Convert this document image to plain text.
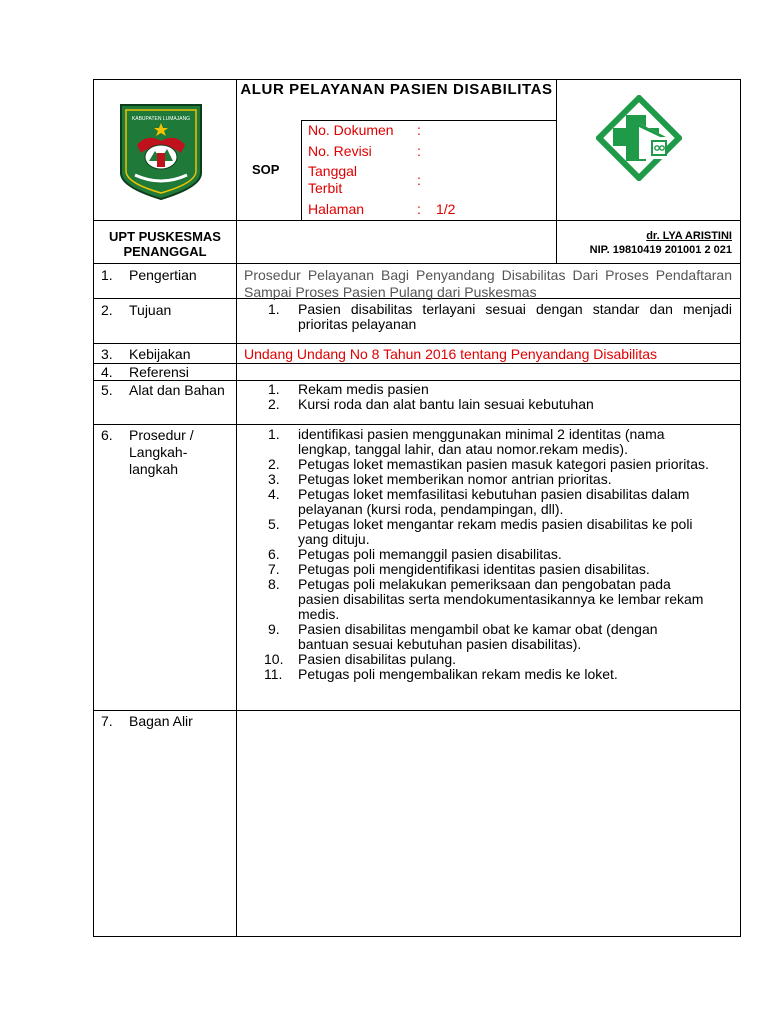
KABUPATEN LUMAJANG
· · · · ·
ALUR PELAYANAN PASIEN DISABILITAS
SOP
No. Dokumen	:
No. Revisi	:
Tanggal Terbit	:
Halaman	: 1/2
UPT PUSKESMAS PENANGGAL
dr. LYA ARISTINI
NIP. 19810419 201001 2 021
1. Pengertian	Prosedur Pelayanan Bagi Penyandang Disabilitas Dari Proses Pendaftaran Sampai Proses Pasien Pulang dari Puskesmas
2. Tujuan	1. Pasien disabilitas terlayani sesuai dengan standar dan menjadi prioritas pelayanan
3. Kebijakan	Undang Undang No 8 Tahun 2016 tentang Penyandang Disabilitas
4. Referensi
5. Alat dan Bahan	1. Rekam medis pasien
2. Kursi roda dan alat bantu lain sesuai kebutuhan
6. Prosedur / Langkah-langkah
1. identifikasi pasien menggunakan minimal 2 identitas (nama lengkap, tanggal lahir, dan atau nomor.rekam medis).
2. Petugas loket memastikan pasien masuk kategori pasien prioritas.
3. Petugas loket memberikan nomor antrian prioritas.
4. Petugas loket memfasilitasi kebutuhan pasien disabilitas dalam pelayanan (kursi roda, pendampingan, dll).
5. Petugas loket mengantar rekam medis pasien disabilitas ke poli yang dituju.
6. Petugas poli memanggil pasien disabilitas.
7. Petugas poli mengidentifikasi identitas pasien disabilitas.
8. Petugas poli melakukan pemeriksaan dan pengobatan pada pasien disabilitas serta mendokumentasikannya ke lembar rekam medis.
9. Pasien disabilitas mengambil obat ke kamar obat (dengan bantuan sesuai kebutuhan pasien disabilitas).
10. Pasien disabilitas pulang.
11. Petugas poli mengembalikan rekam medis ke loket.
7. Bagan Alir
